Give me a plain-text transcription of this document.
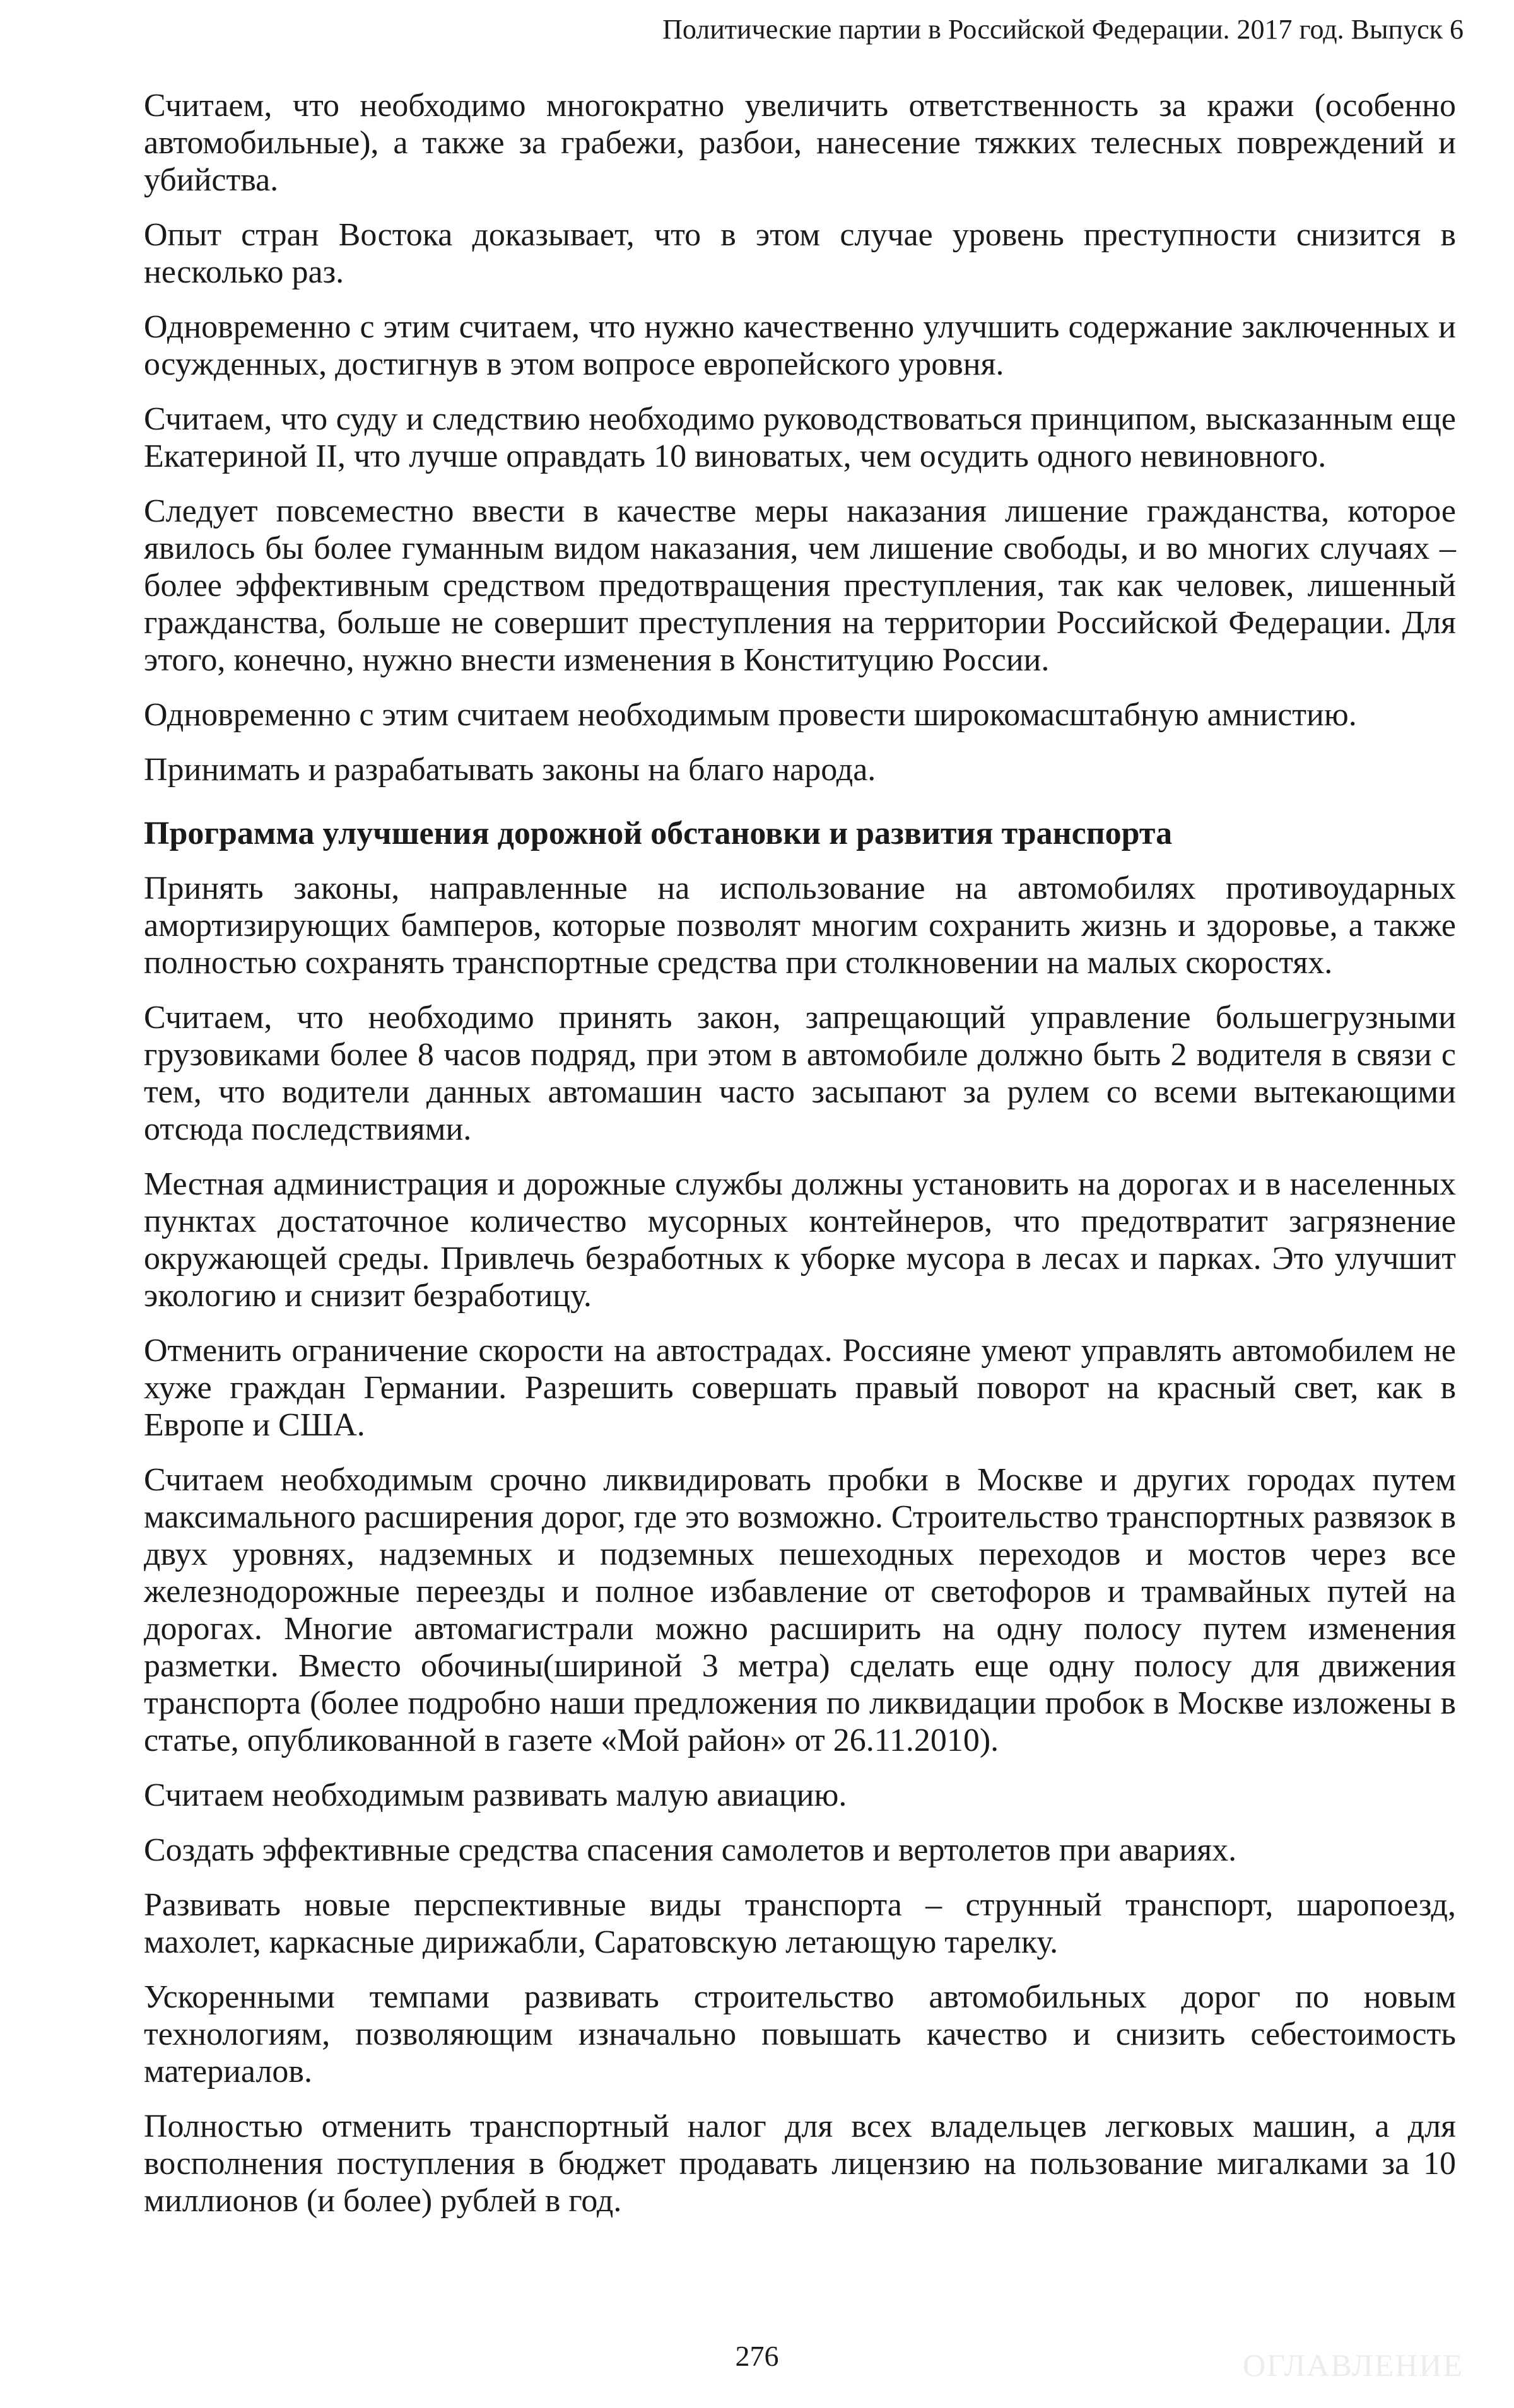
Политические партии в Российской Федерации. 2017 год. Выпуск 6

Считаем, что необходимо многократно увеличить ответственность за кражи (особенно автомобильные), а также за грабежи, разбои, нанесение тяжких телесных повреждений и убийства.

Опыт стран Востока доказывает, что в этом случае уровень преступности снизится в несколько раз.

Одновременно с этим считаем, что нужно качественно улучшить содержание заключенных и осужденных, достигнув в этом вопросе европейского уровня.

Считаем, что суду и следствию необходимо руководствоваться принципом, высказанным еще Екатериной II, что лучше оправдать 10 виноватых, чем осудить одного невиновного.

Следует повсеместно ввести в качестве меры наказания лишение гражданства, которое явилось бы более гуманным видом наказания, чем лишение свободы, и во многих случаях – более эффективным средством предотвращения преступления, так как человек, лишенный гражданства, больше не совершит преступления на территории Российской Федерации. Для этого, конечно, нужно внести изменения в Конституцию России.

Одновременно с этим считаем необходимым провести широкомасштабную амнистию.

Принимать и разрабатывать законы на благо народа.

Программа улучшения дорожной обстановки и развития транспорта

Принять законы, направленные на использование на автомобилях противоударных амортизирующих бамперов, которые позволят многим сохранить жизнь и здоровье, а также полностью сохранять транспортные средства при столкновении на малых скоростях.

Считаем, что необходимо принять закон, запрещающий управление большегрузными грузовиками более 8 часов подряд, при этом в автомобиле должно быть 2 водителя в связи с тем, что водители данных автомашин часто засыпают за рулем со всеми вытекающими отсюда последствиями.

Местная администрация и дорожные службы должны установить на дорогах и в населенных пунктах достаточное количество мусорных контейнеров, что предотвратит загрязнение окружающей среды. Привлечь безработных к уборке мусора в лесах и парках. Это улучшит экологию и снизит безработицу.

Отменить ограничение скорости на автострадах. Россияне умеют управлять автомобилем не хуже граждан Германии. Разрешить совершать правый поворот на красный свет, как в Европе и США.

Считаем необходимым срочно ликвидировать пробки в Москве и других городах путем максимального расширения дорог, где это возможно. Строительство транспортных развязок в двух уровнях, надземных и подземных пешеходных переходов и мостов через все железнодорожные переезды и полное избавление от светофоров и трамвайных путей на дорогах. Многие автомагистрали можно расширить на одну полосу путем изменения разметки. Вместо обочины(шириной 3 метра) сделать еще одну полосу для движения транспорта (более подробно наши предложения по ликвидации пробок в Москве изложены в статье, опубликованной в газете «Мой район» от 26.11.2010).

Считаем необходимым развивать малую авиацию.

Создать эффективные средства спасения самолетов и вертолетов при авариях.

Развивать новые перспективные виды транспорта – струнный транспорт, шаропоезд, махолет, каркасные дирижабли, Саратовскую летающую тарелку.

Ускоренными темпами развивать строительство автомобильных дорог по новым технологиям, позволяющим изначально повышать качество и снизить себестоимость материалов.

Полностью отменить транспортный налог для всех владельцев легковых машин, а для восполнения поступления в бюджет продавать лицензию на пользование мигалками за 10 миллионов (и более) рублей в год.

276	ОГЛАВЛЕНИЕ
